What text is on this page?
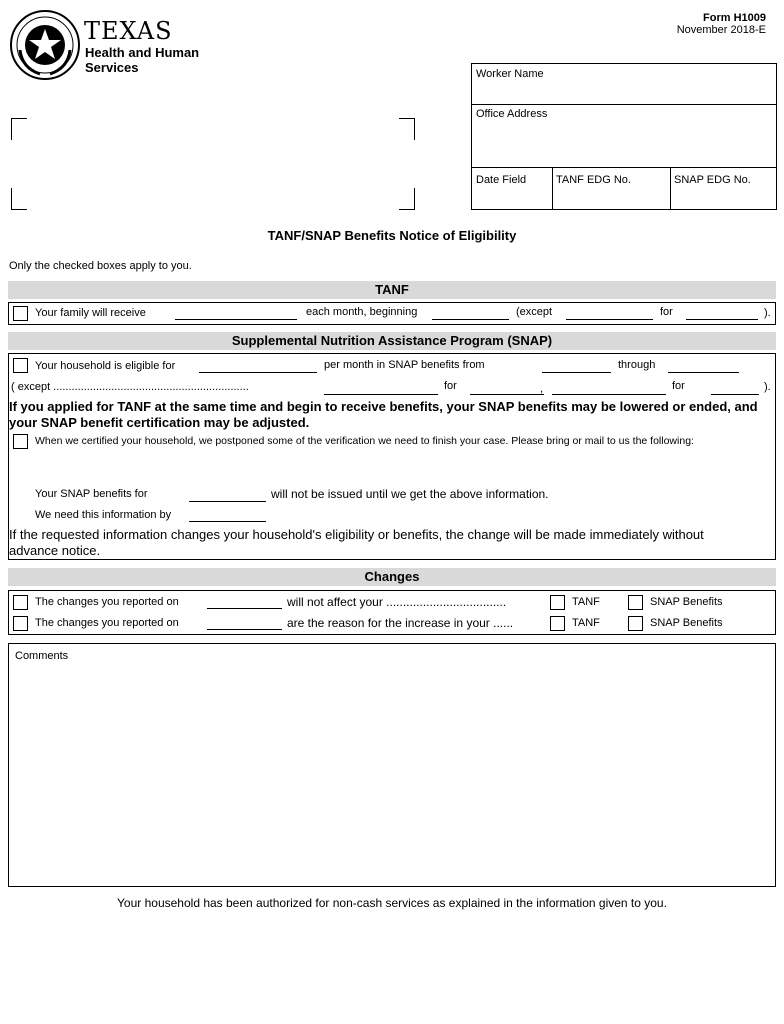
TEXAS
Health and Human
Services
Form H1009
November 2018-E
Worker Name
Office Address
Date Field	TANF EDG No.	SNAP EDG No.
TANF/SNAP Benefits Notice of Eligibility
Only the checked boxes apply to you.
TANF
Your family will receive	each month, beginning	(except	for	).
Supplemental Nutrition Assistance Program (SNAP)
Your household is eligible for	per month in SNAP benefits from	through
( except ................................................................	for	,	for	).
If you applied for TANF at the same time and begin to receive benefits, your SNAP benefits may be lowered or ended, and your SNAP benefit certification may be adjusted.
When we certified your household, we postponed some of the verification we need to finish your case. Please bring or mail to us the following:
Your SNAP benefits for	will not be issued until we get the above information.
We need this information by
If the requested information changes your household's eligibility or benefits, the change will be made immediately without advance notice.
Changes
The changes you reported on	will not affect your ....................................	TANF	SNAP Benefits
The changes you reported on	are the reason for the increase in your ......	TANF	SNAP Benefits
Comments
Your household has been authorized for non-cash services as explained in the information given to you.
